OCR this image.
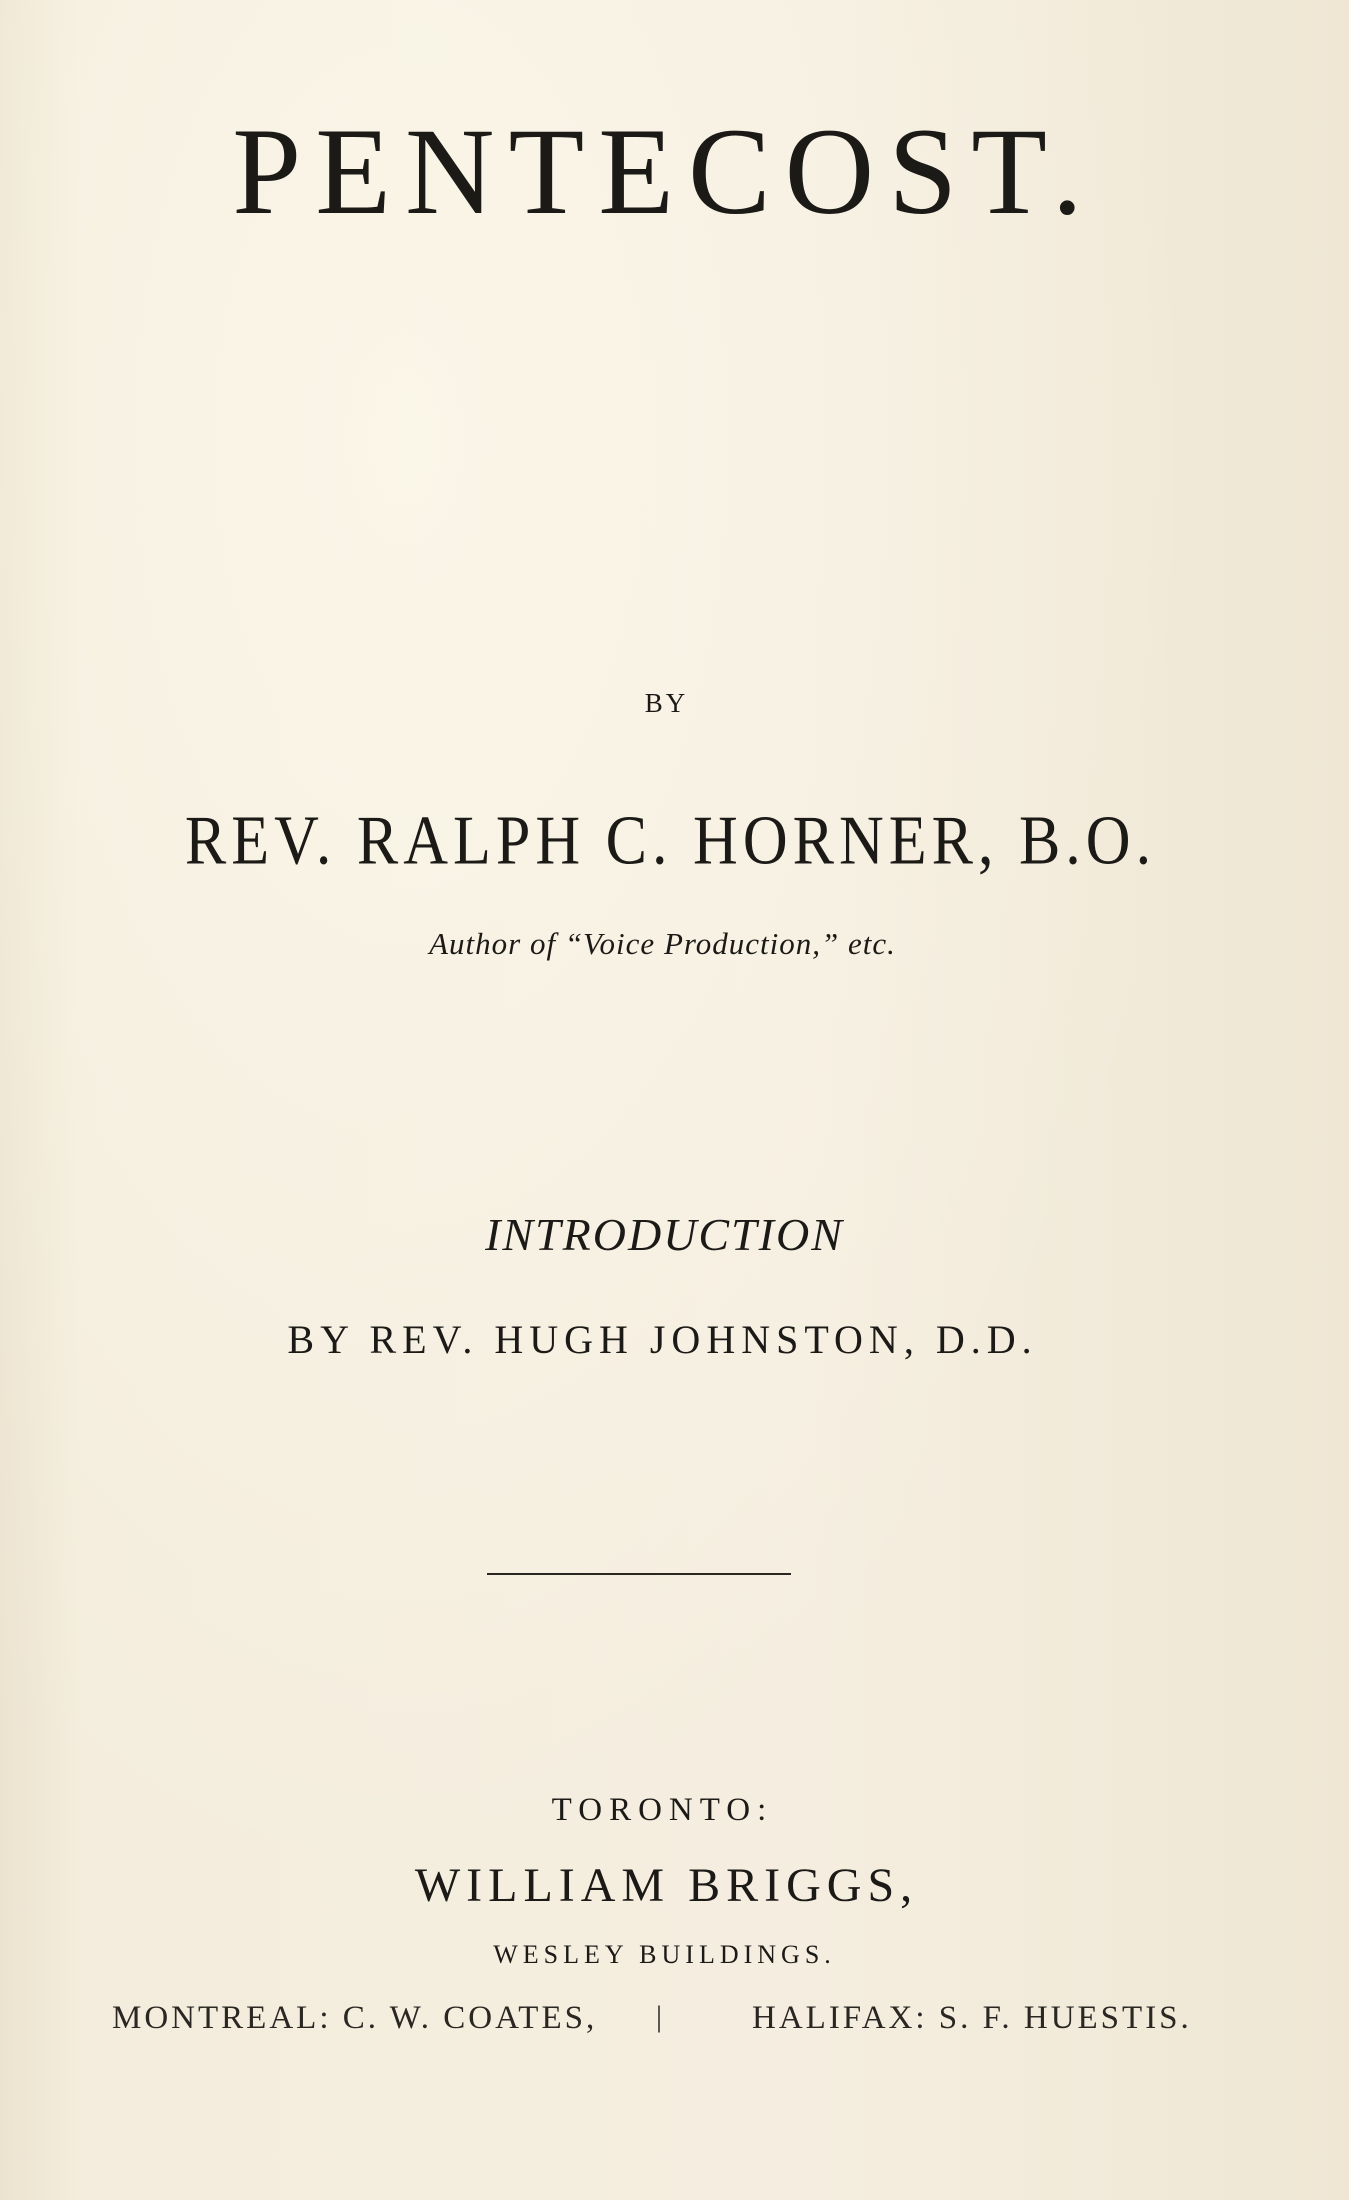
PENTECOST.
BY
REV. RALPH C. HORNER, B.O.
Author of “Voice Production,” etc.
INTRODUCTION
BY REV. HUGH JOHNSTON, D.D.
TORONTO:
WILLIAM BRIGGS,
WESLEY BUILDINGS.
MONTREAL: C. W. COATES, |	HALIFAX: S. F. HUESTIS.
